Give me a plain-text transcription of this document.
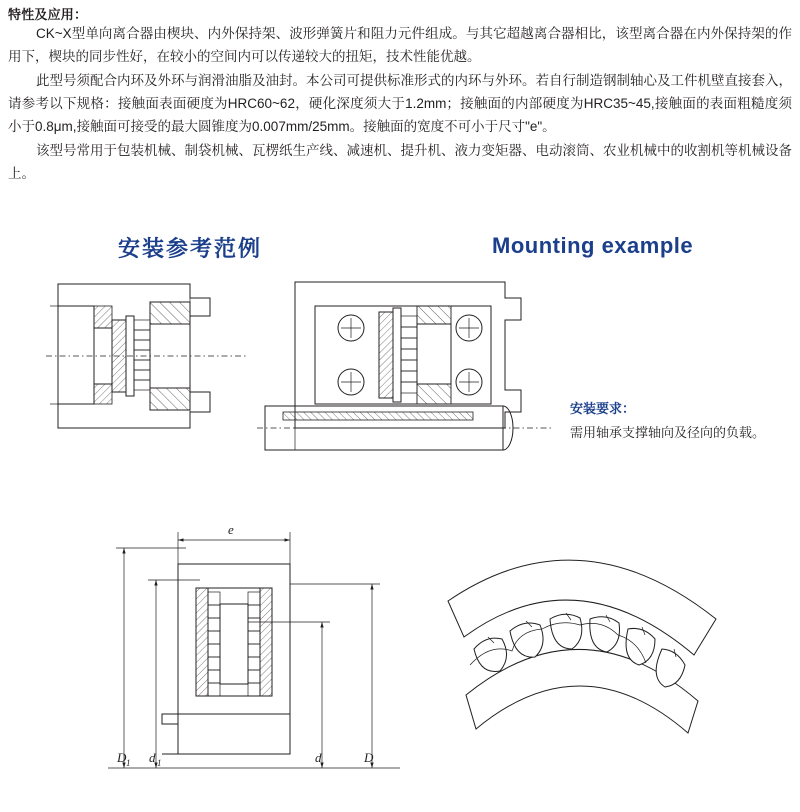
特性及应用：

CK~X型单向离合器由楔块、内外保持架、波形弹簧片和阻力元件组成。与其它超越离合器相比，该型离合器在内外保持架的作用下，楔块的同步性好，在较小的空间内可以传递较大的扭矩，技术性能优越。

此型号须配合内环及外环与润滑油脂及油封。本公司可提供标准形式的内环与外环。若自行制造钢制轴心及工件机壁直接套入，请参考以下规格：接触面表面硬度为HRC60~62，硬化深度须大于1.2mm；接触面的内部硬度为HRC35~45,接触面的表面粗糙度须小于0.8μm,接触面可接受的最大圆锥度为0.007mm/25mm。接触面的宽度不可小于尺寸"e"。

该型号常用于包装机械、制袋机械、瓦楞纸生产线、减速机、提升机、液力变矩器、电动滚筒、农业机械中的收割机等机械设备上。

安装参考范例	Mounting example
安装要求：
需用轴承支撑轴向及径向的负载。
e
D 1 d 1	d	D
